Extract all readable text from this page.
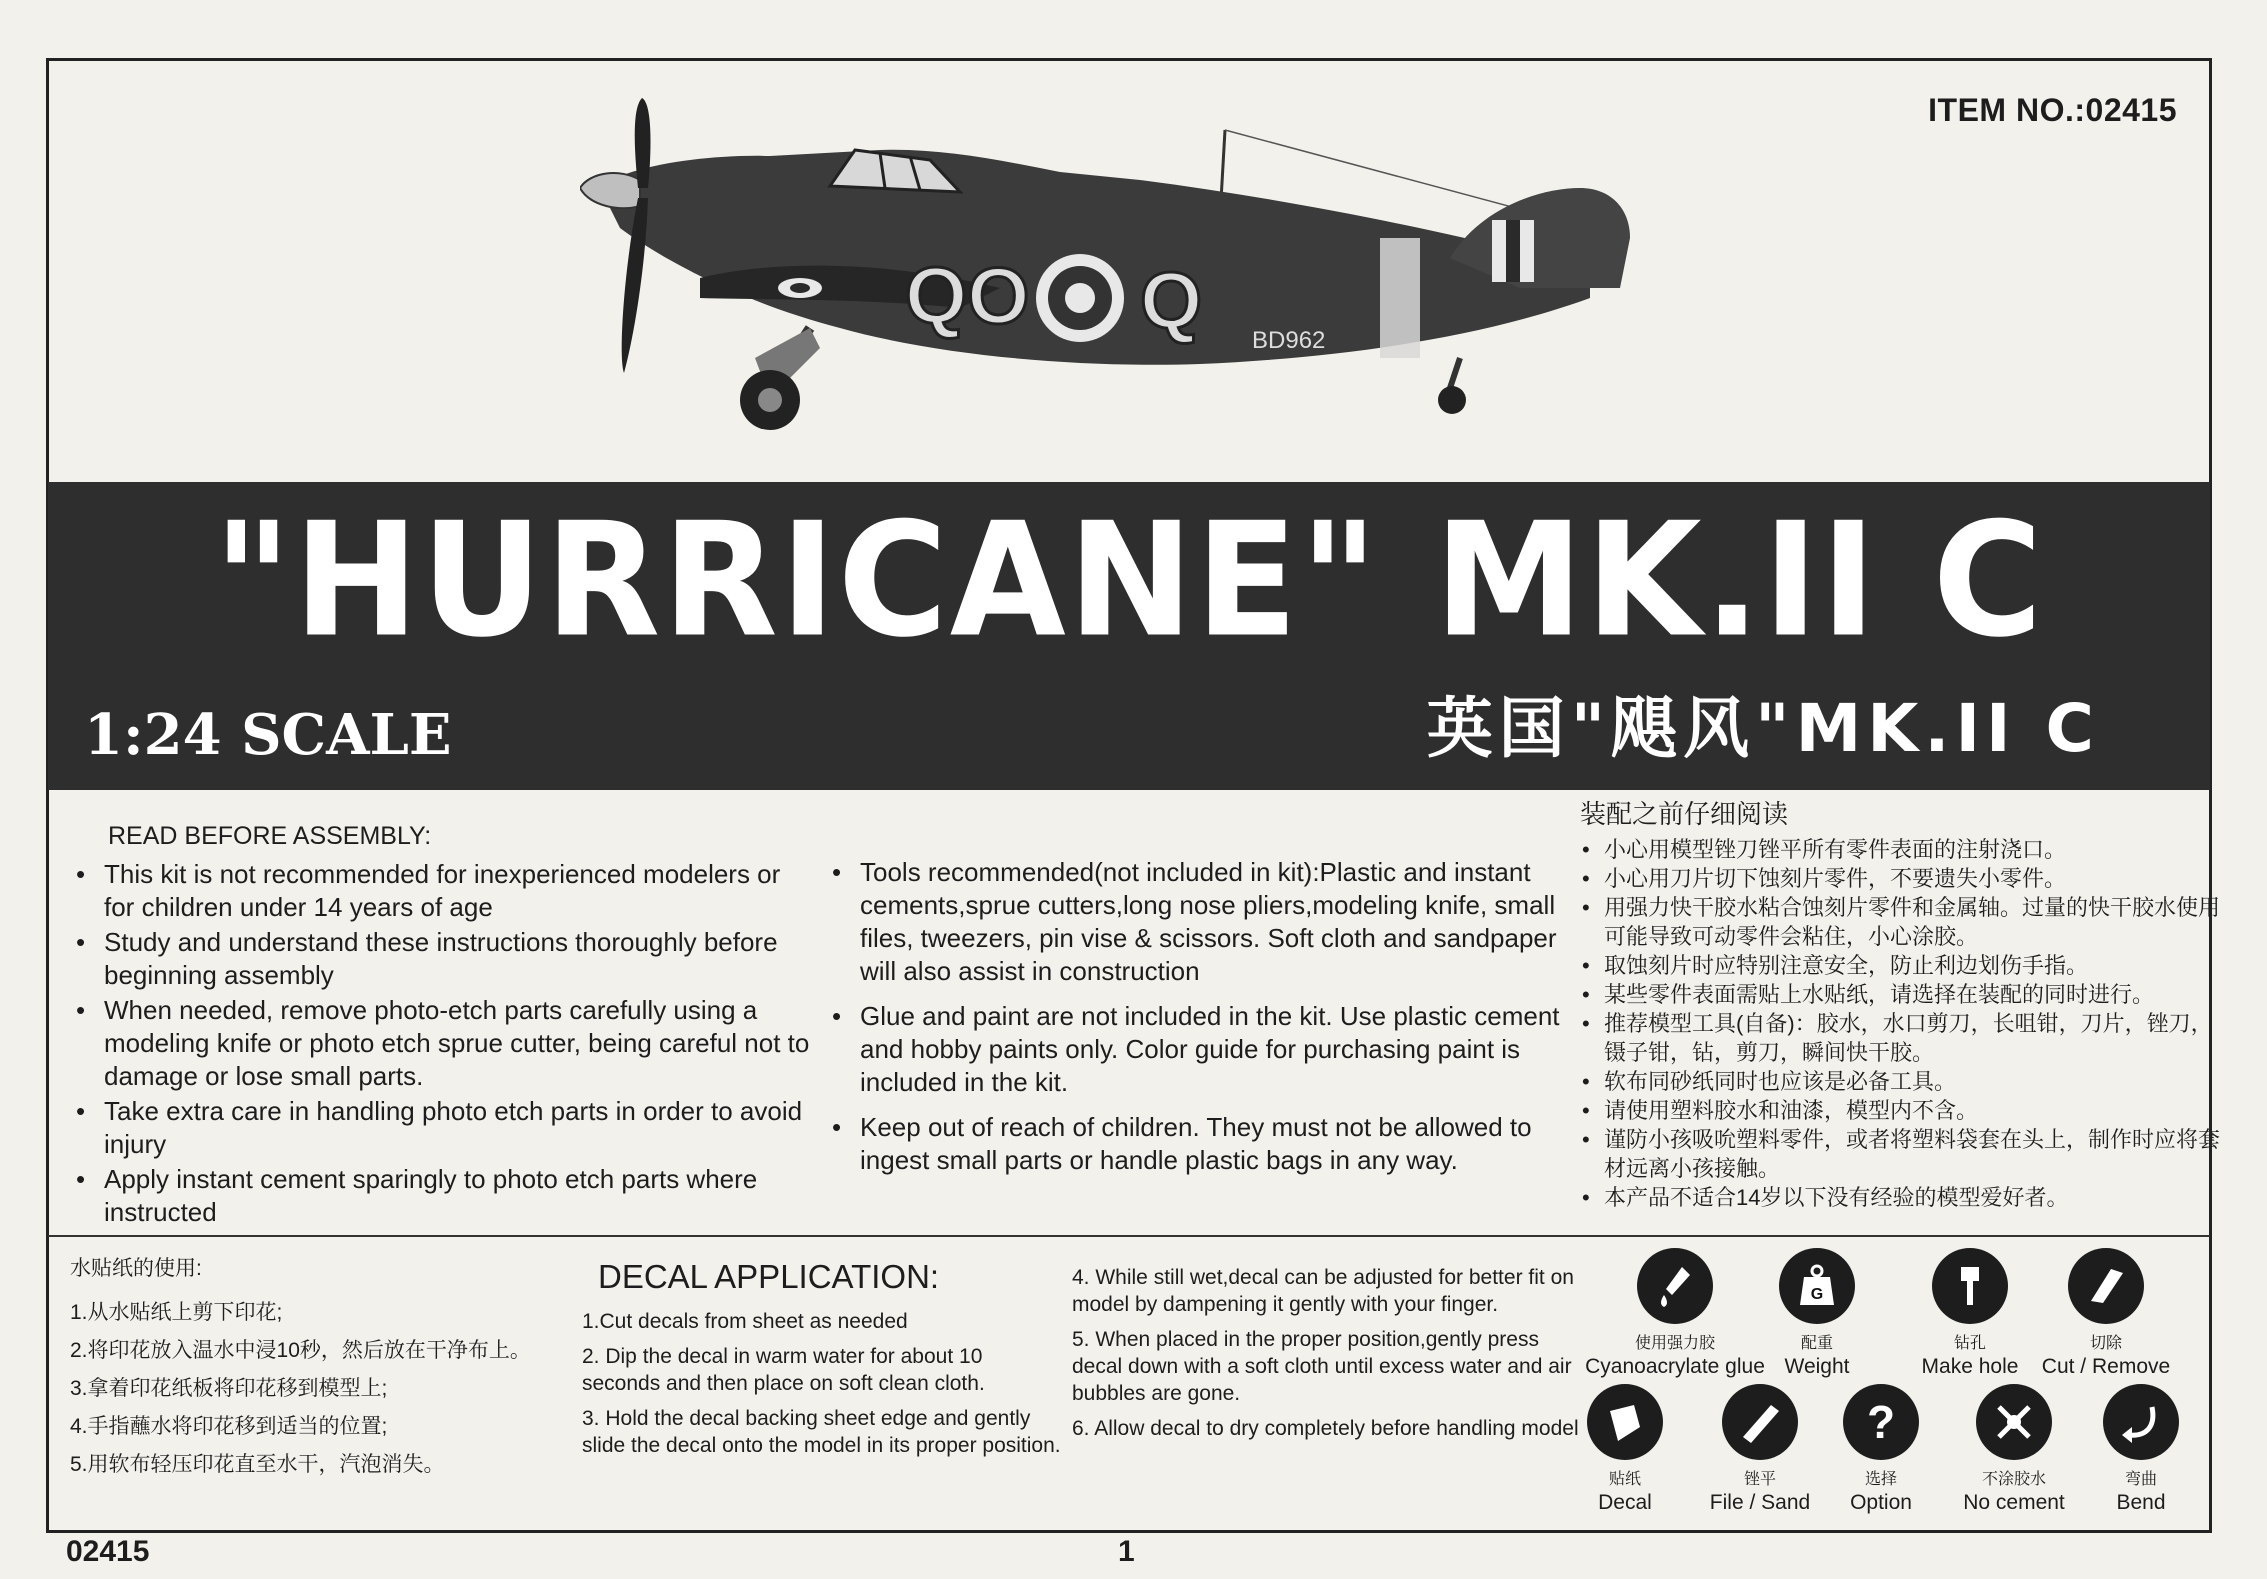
ITEM NO.:02415
QO Q BD962
"HURRICANE" MK.II C
1:24 SCALE	英国"飓风"MK.II C
READ BEFORE ASSEMBLY:
• This kit is not recommended for inexperienced modelers or for children under 14 years of age
• Study and understand these instructions thoroughly before beginning assembly
• When needed, remove photo-etch parts carefully using a modeling knife or photo etch sprue cutter, being careful not to damage or lose small parts.
• Take extra care in handling photo etch parts in order to avoid injury
• Apply instant cement sparingly to photo etch parts where instructed
• Tools recommended(not included in kit):Plastic and instant cements,sprue cutters,long nose pliers,modeling knife, small files, tweezers, pin vise & scissors. Soft cloth and sandpaper will also assist in construction
• Glue and paint are not included in the kit. Use plastic cement and hobby paints only. Color guide for purchasing paint is included in the kit.
• Keep out of reach of children. They must not be allowed to ingest small parts or handle plastic bags in any way.
装配之前仔细阅读
• 小心用模型锉刀锉平所有零件表面的注射浇口。
• 小心用刀片切下蚀刻片零件，不要遗失小零件。
• 用强力快干胶水粘合蚀刻片零件和金属轴。过量的快干胶水使用可能导致可动零件会粘住，小心涂胶。
• 取蚀刻片时应特别注意安全，防止利边划伤手指。
• 某些零件表面需贴上水贴纸，请选择在装配的同时进行。
• 推荐模型工具(自备)：胶水，水口剪刀，长咀钳，刀片，锉刀，镊子钳，钻，剪刀，瞬间快干胶。
• 软布同砂纸同时也应该是必备工具。
• 请使用塑料胶水和油漆，模型内不含。
• 谨防小孩吸吮塑料零件，或者将塑料袋套在头上，制作时应将套材远离小孩接触。
• 本产品不适合14岁以下没有经验的模型爱好者。
水贴纸的使用:
1.从水贴纸上剪下印花;
2.将印花放入温水中浸10秒，然后放在干净布上。
3.拿着印花纸板将印花移到模型上;
4.手指蘸水将印花移到适当的位置;
5.用软布轻压印花直至水干，汽泡消失。
DECAL APPLICATION:
1.Cut decals from sheet as needed
2. Dip the decal in warm water for about 10 seconds and then place on soft clean cloth.
3. Hold the decal backing sheet edge and gently slide the decal onto the model in its proper position.
4. While still wet,decal can be adjusted for better fit on model by dampening it gently with your finger.
5. When placed in the proper position,gently press decal down with a soft cloth until excess water and air bubbles are gone.
6. Allow decal to dry completely before handling model
使用强力胶
Cyanoacrylate glue
G
配重
Weight
钻孔
Make hole
切除
Cut / Remove
贴纸
Decal
锉平
File / Sand
?
选择
Option
不涂胶水
No cement
弯曲
Bend
02415	1
